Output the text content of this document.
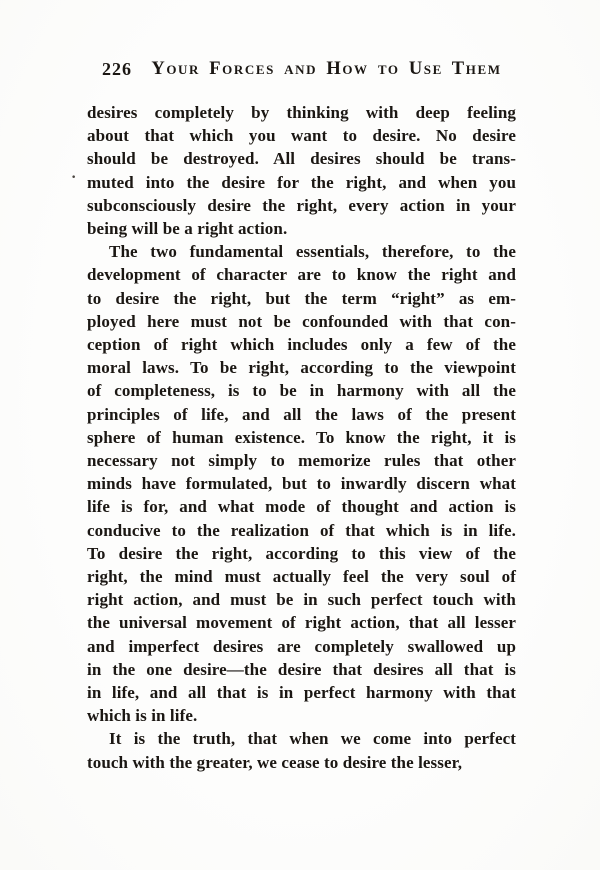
226	Your Forces and How to Use Them
·
desires completely by thinking with deep feeling
about that which you want to desire. No desire
should be destroyed. All desires should be trans-
muted into the desire for the right, and when you
subconsciously desire the right, every action in your
being will be a right action.
The two fundamental essentials, therefore, to the
development of character are to know the right and
to desire the right, but the term “right” as em-
ployed here must not be confounded with that con-
ception of right which includes only a few of the
moral laws. To be right, according to the viewpoint
of completeness, is to be in harmony with all the
principles of life, and all the laws of the present
sphere of human existence. To know the right, it is
necessary not simply to memorize rules that other
minds have formulated, but to inwardly discern what
life is for, and what mode of thought and action is
conducive to the realization of that which is in life.
To desire the right, according to this view of the
right, the mind must actually feel the very soul of
right action, and must be in such perfect touch with
the universal movement of right action, that all lesser
and imperfect desires are completely swallowed up
in the one desire—the desire that desires all that is
in life, and all that is in perfect harmony with that
which is in life.
It is the truth, that when we come into perfect
touch with the greater, we cease to desire the lesser,
